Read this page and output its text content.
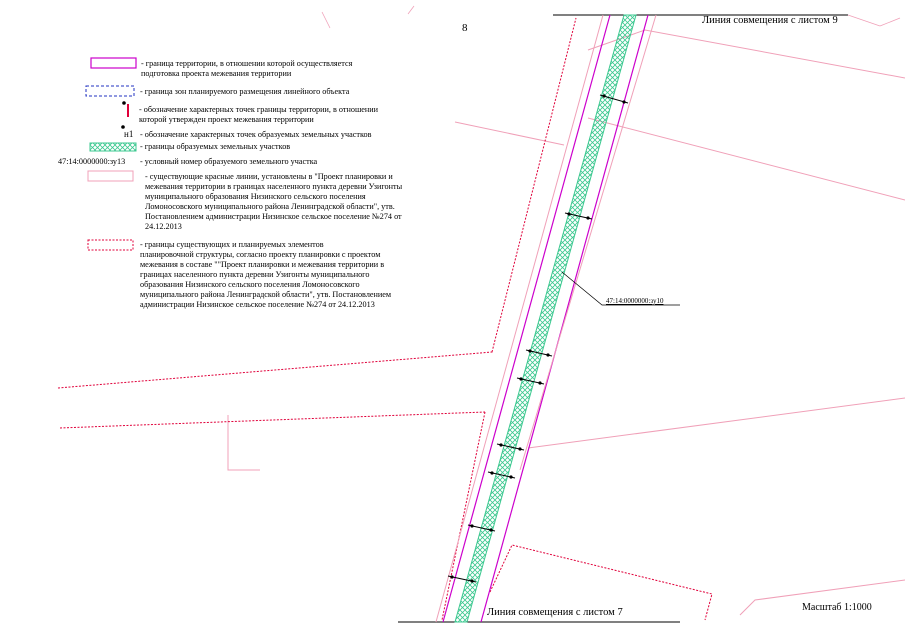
8
Линия совмещения с листом 9
Линия совмещения с листом 7	Масштаб 1:1000
47:14:0000000:зу10
- граница территории, в отношении которой осуществляется
подготовка проекта межевания территории
- граница зон планируемого размещения линейного объекта
- обозначение характерных точек границы территории, в отношении
которой утвержден проект межевания территории
н1 - обозначение характерных точек образуемых земельных участков
- границы образуемых земельных участков
47:14:0000000:зу13 - условный номер образуемого земельного участка
- существующие красные линии, установлены в "Проект планировки и
межевания территории в границах населенного пункта деревни Узигонты
муниципального образования Низинского сельского поселения
Ломоносовского муниципального района Ленинградской области", утв.
Постановлением администрации Низинское сельское поселение №274 от
24.12.2013
- границы существующих и планируемых элементов
планировочной структуры, согласно проекту планировки с проектом
межевания в составе ""Проект планировки и межевания территории в
границах населенного пункта деревни Узигонты муниципального
образования Низинского сельского поселения Ломоносовского
муниципального района Ленинградской области", утв. Постановлением
администрации Низинское сельское поселение №274 от 24.12.2013
